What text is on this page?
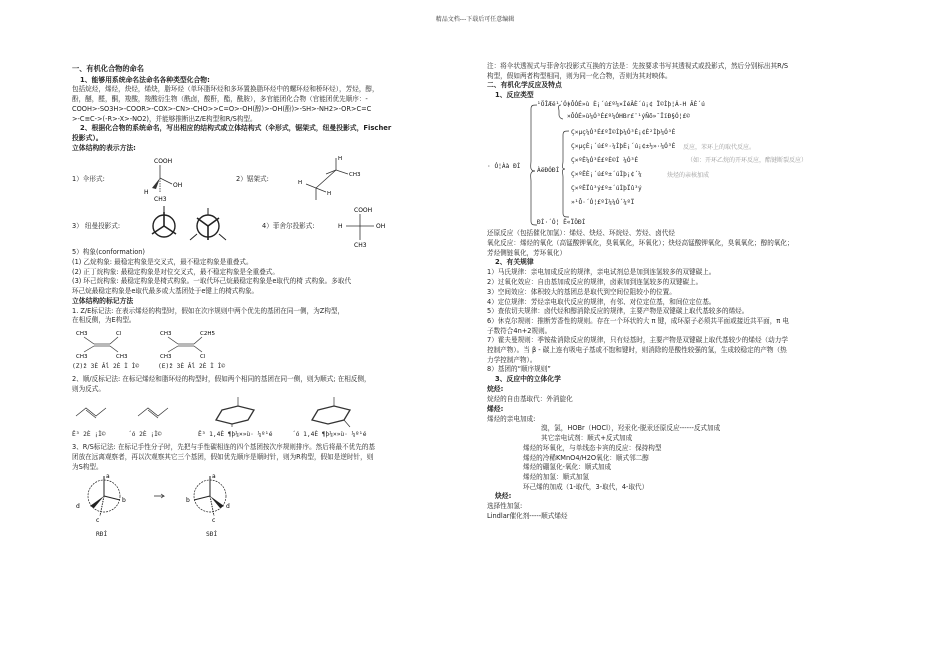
精品文档---下载后可任意编辑

一、有机化合物的命名

1、能够用系统命名法命名各种类型化合物:

包括烷烃，烯烃，炔烃，烯炔，脂环烃（单环脂环烃和多环置换脂环烃中的螺环烃和桥环烃），芳烃，醇，

酚，醚，醛，酮，羧酸，羧酸衍生物（酰卤，酸酐，酯，酰胺），多官能团化合物（官能团优先顺序：-

COOH>-SO3H>-COOR>-COX>-CN>-CHO>>C=O>-OH(醇)>-OH(酚)>-SH>-NH2>-OR>C=C

>-C≡C->(-R>-X>-NO2)，并能够推断出Z/E构型和R/S构型。

2、根据化合物的系统命名，写出相应的结构式或立体结构式（伞形式，锯架式，纽曼投影式，Fischer

投影式）。

立体结构的表示方法:

1）伞形式:
COOH
OH
H
CH3
2）锯架式:
H
CH3
H
H
3） 纽曼投影式:	4）菲舍尔投影式:
COOH
H	OH
CH3

5）构象(conformation)

(1) 乙烷构象: 最稳定构象是交叉式，最不稳定构象是重叠式。

(2) 正丁烷构象: 最稳定构象是对位交叉式，最不稳定构象是全重叠式。

(3) 环己烷构象: 最稳定构象是椅式构象。一取代环己烷最稳定构象是e取代的椅 式构象。多取代

环己烷最稳定构象是e取代最多或大基团处于e键上的椅式构象。

立体结构的标记方法

1. Z/E标记法: 在表示烯烃的构型时，假如在次序规则中两个优先的基团在同一侧，为Z构型，

在相反侧，为E构型。

CH3	Cl
CH3	CH3
CH3	C2H5
CH3	Cl
(Z)ž 3È Âĺ 2È Ì Ì©	(E)ž 3È Âĺ 2È Ì Ì©

2、顺/反标记法: 在标记烯烃和脂环烃的构型时，假如两个相同的基团在同一侧，则为顺式; 在相反侧，

则为反式。

Ë³ 2È ¡Ì©	´ó 2È ¡Ì©	Ë³ 1,4È ¶þ¼×»ù· ¼º¹é	´ó 1,4È ¶þ¼×»ù· ¼º¹é

3、R/S标记法: 在标记手性分子时，先把与手性碳相连的四个基团按次序规则排序。然后将最不优先的基

团放在远离观察者，再以次观察其它三个基团，假如优先顺序是顺时针，则为R构型，假如是逆时针，则

为S构型。

a
b
c
d
a
b
c
d
RÐÍ	SÐÍ

注：将伞状透视式与菲舍尔投影式互换的方法是：先按要求书写其透视式或投影式，然后分别标出其R/S

构型，假如两者构型相同，则为同一化合物，否则为其对映体。

二、有机化学反应及特点

1、反应类型

· Ó¦Àà ĐÍ
¹ÖÎÆë¹´Ó¦
×ÔÓÉ»ù È¡´ú£º¼×ÍéÂÈ´ú¡¢ Ï©Ìþ¦Á-H ÂÈ´ú
×ÔÓÉ»ù¼Ó³É£º¼ÓHBr£¨¹ýÑõ»¯ÎïÐ§Ó¦£©
ÀëĐÓĐÍ
Ç×µç¼Ó³É£ºÏ©Ìþ¼Ó³É¡¢È²Ìþ¼Ó³É
Ç×µçÈ¡´ú£º·¼ÌþÈ¡´ú¡¢±½»·¼Ó³É
Ç×ºË¼Ó³É£ºÈ©Í ¼Ó³É
Ç×ºËÈ¡´ú£º±´úÌþ¡¢´¼
Ç×ºËÏû³ý£º±´úÌþÏû³ý
»¹Ô·´Ó¦£ºÌ¼¼Ó´¼ºÏ
反应，苯环上的取代反应。
炔烃的亲核加成
（如：开环乙烷的开环反应，酯键断裂反应）
ĐÍ·´Ó¦ Ë«ÏÖĐÍ

还原反应（包括催化加氢）：烯烃、炔烃、环烷烃、芳烃、卤代烃

氧化反应：烯烃的氧化（高锰酸钾氧化，臭氧氧化，环氧化）；炔烃高锰酸钾氧化，臭氧氧化；醇的氧化；

芳烃侧链氧化，芳环氧化）

2、有关规律

1）马氏规律：亲电加成反应的规律，亲电试剂总是加到连氢较多的双键碳上。

2）过氧化效应：自由基加成反应的规律，卤素加到连氢较多的双键碳上。

3）空间效应：体积较大的基团总是取代到空间位阻较小的位置。

4）定位规律：芳烃亲电取代反应的规律，有邻、对位定位基，和间位定位基。

5）查依切夫规律：卤代烃和醇消除反应的规律，主要产物是双键碳上取代基较多的烯烃。

6）休克尔规则：推断芳香性的规则。存在一个环状的大 π 键，成环原子必须共平面或接近共平面，π 电

子数符合4n+2规则。

7）霍夫曼规则：季铵盐消除反应的规律，只有烃基时，主要产物是双键碳上取代基较少的烯烃（动力学

控制产物）。当 β - 碳上连有吸电子基或不饱和键时，则消除的是酸性较强的氢，生成较稳定的产物（热

力学控制产物）。

8）基团的“顺序规则”

3、反应中的立体化学

烷烃:

烷烃的自由基取代：外消旋化

烯烃:

烯烃的亲电加成:

溴，氯，HOBr（HOCl），羟汞化-脱汞还原反应------反式加成

其它亲电试剂：顺式+反式加成

烯烃的环氧化，与单线态卡宾的反应：保持构型

烯烃的冷稀KMnO4/H2O氧化：顺式邻二醇

烯烃的硼氢化-氧化：顺式加成

烯烃的加氢：顺式加氢

环己烯的加成（1-取代，3-取代，4-取代）

炔烃:

选择性加氢:

Lindlar催化剂-----顺式烯烃
